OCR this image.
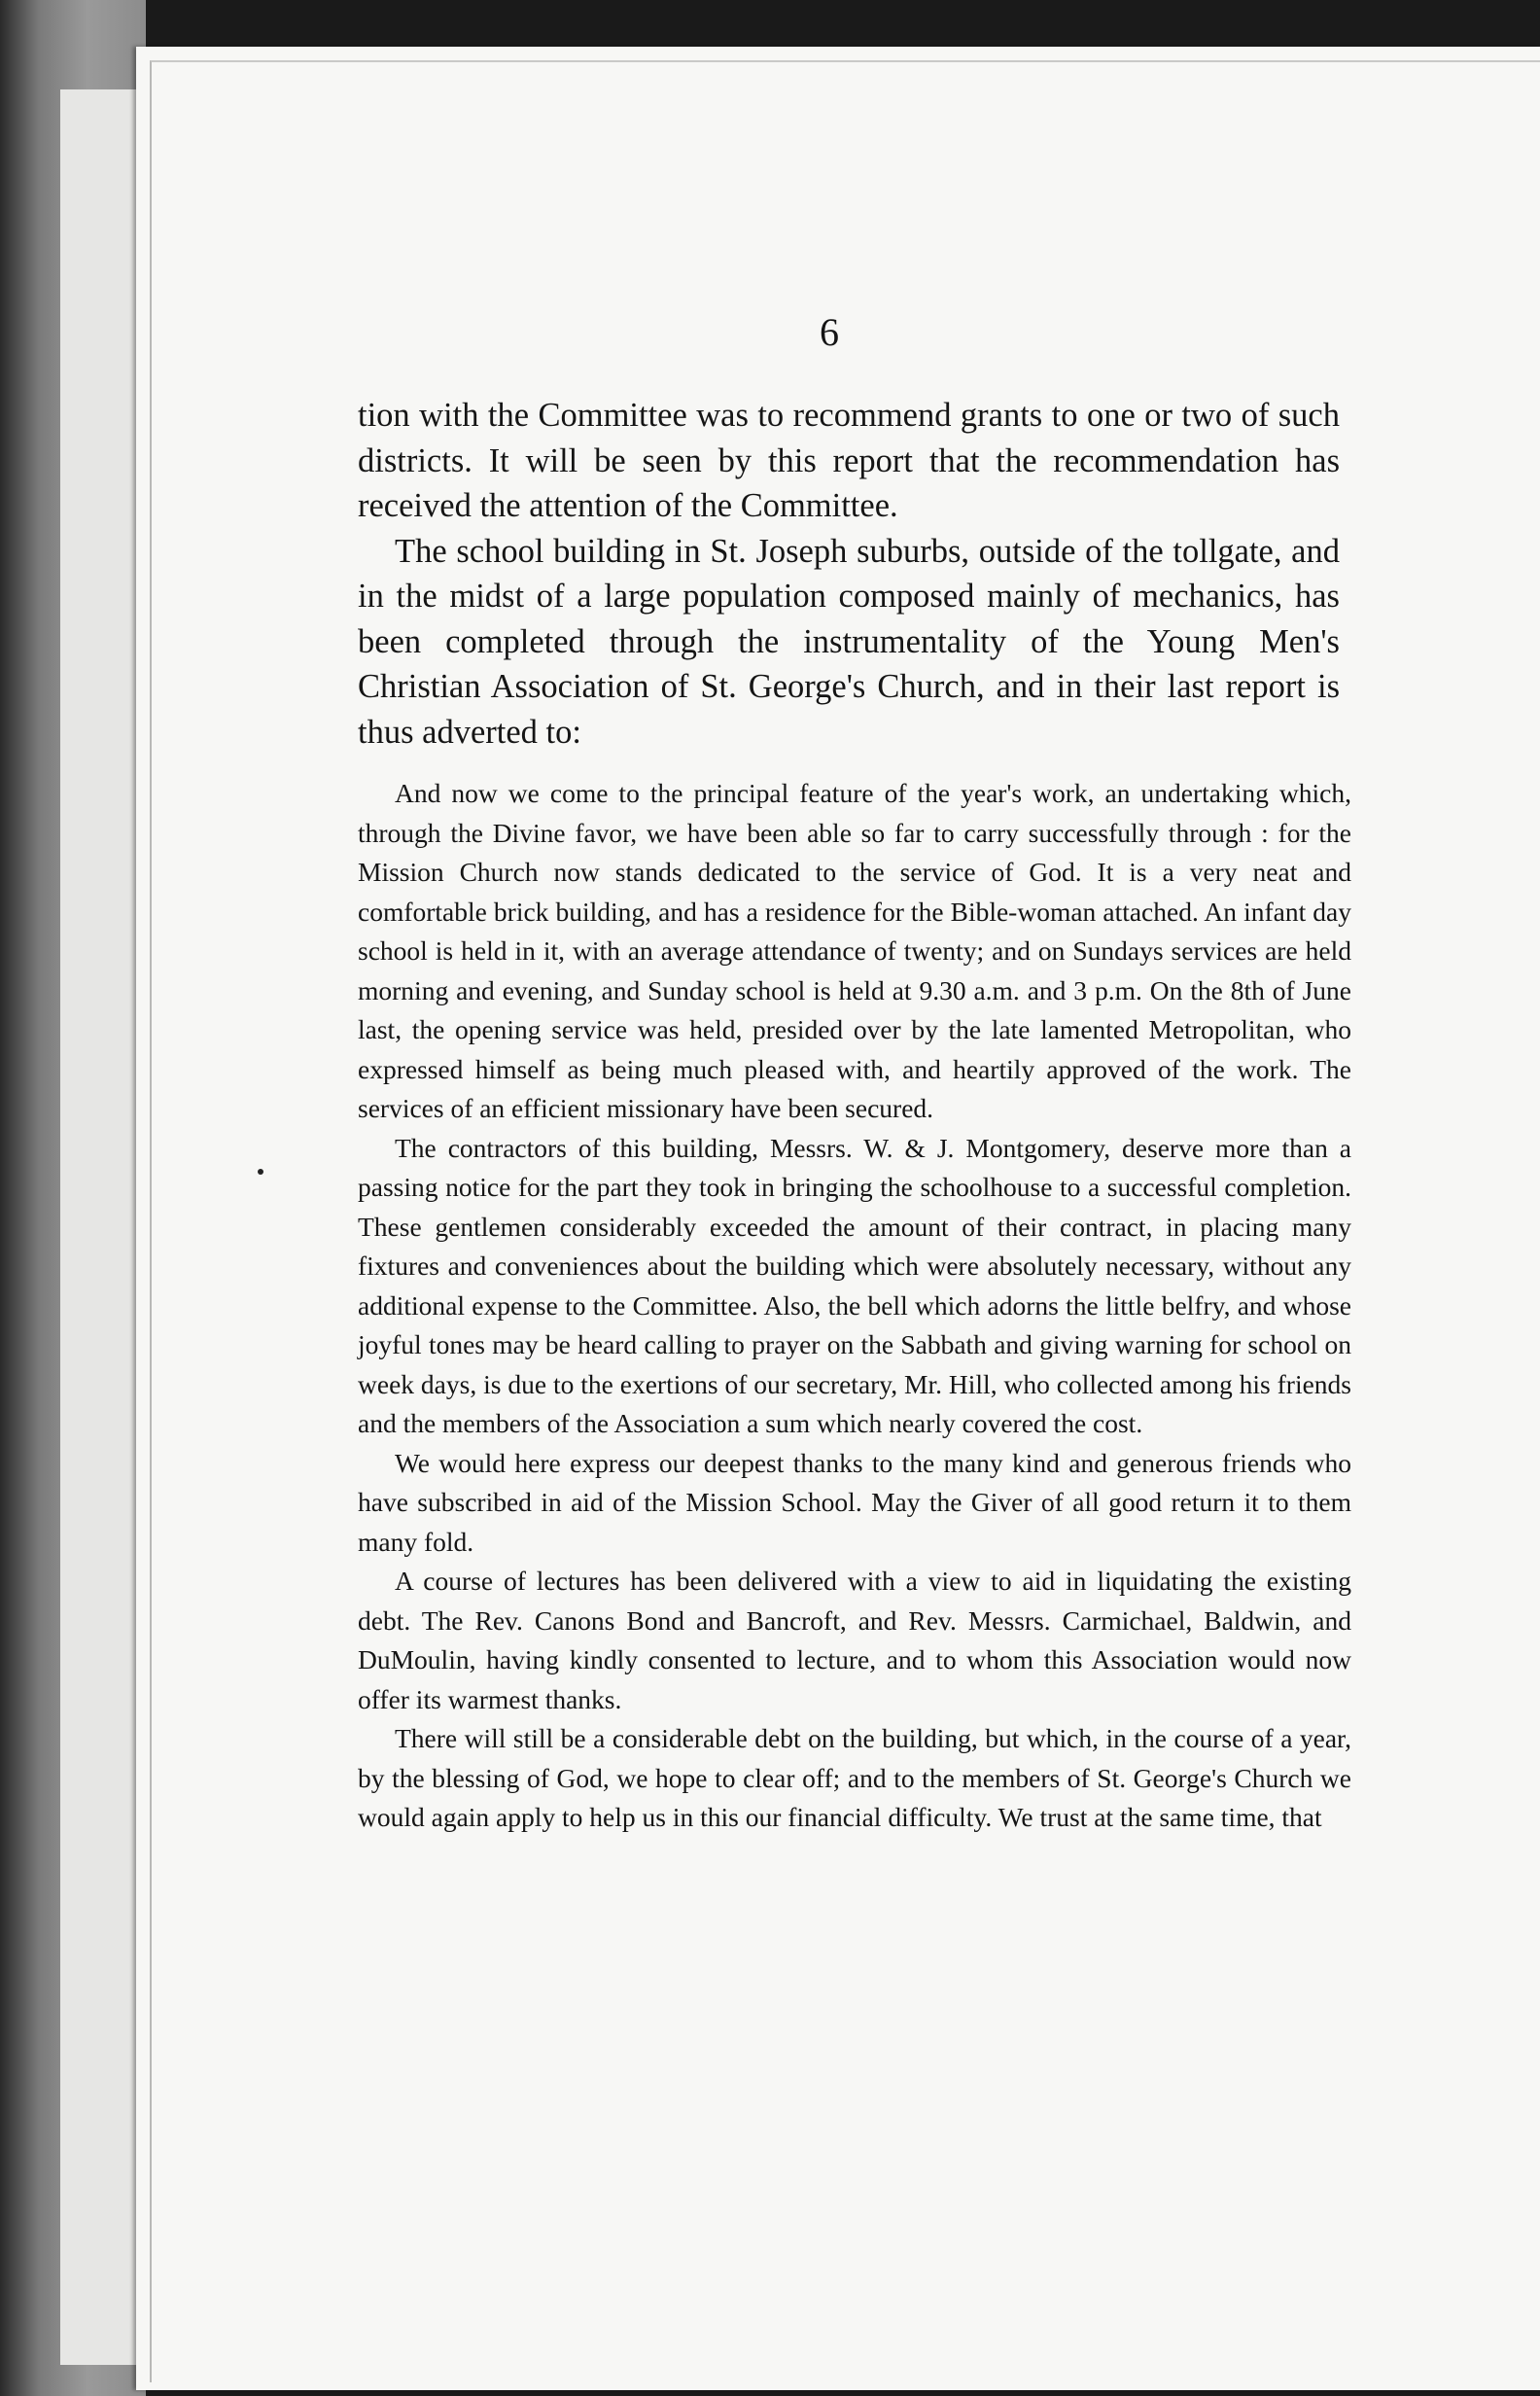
6

tion with the Committee was to recommend grants to one or two of such districts. It will be seen by this report that the recommendation has received the attention of the Committee.

The school building in St. Joseph suburbs, outside of the tollgate, and in the midst of a large population composed mainly of mechanics, has been completed through the instrumentality of the Young Men's Christian Association of St. George's Church, and in their last report is thus adverted to:

And now we come to the principal feature of the year's work, an undertaking which, through the Divine favor, we have been able so far to carry successfully through : for the Mission Church now stands dedicated to the service of God. It is a very neat and comfortable brick building, and has a residence for the Bible-woman attached. An infant day school is held in it, with an average attendance of twenty; and on Sundays services are held morning and evening, and Sunday school is held at 9.30 a.m. and 3 p.m. On the 8th of June last, the opening service was held, presided over by the late lamented Metropolitan, who expressed himself as being much pleased with, and heartily approved of the work. The services of an efficient missionary have been secured.

The contractors of this building, Messrs. W. & J. Montgomery, deserve more than a passing notice for the part they took in bringing the schoolhouse to a successful completion. These gentlemen considerably exceeded the amount of their contract, in placing many fixtures and conveniences about the building which were absolutely necessary, without any additional expense to the Committee. Also, the bell which adorns the little belfry, and whose joyful tones may be heard calling to prayer on the Sabbath and giving warning for school on week days, is due to the exertions of our secretary, Mr. Hill, who collected among his friends and the members of the Association a sum which nearly covered the cost.

We would here express our deepest thanks to the many kind and generous friends who have subscribed in aid of the Mission School. May the Giver of all good return it to them many fold.

A course of lectures has been delivered with a view to aid in liquidating the existing debt. The Rev. Canons Bond and Bancroft, and Rev. Messrs. Carmichael, Baldwin, and DuMoulin, having kindly consented to lecture, and to whom this Association would now offer its warmest thanks.

There will still be a considerable debt on the building, but which, in the course of a year, by the blessing of God, we hope to clear off; and to the members of St. George's Church we would again apply to help us in this our financial difficulty. We trust at the same time, that
